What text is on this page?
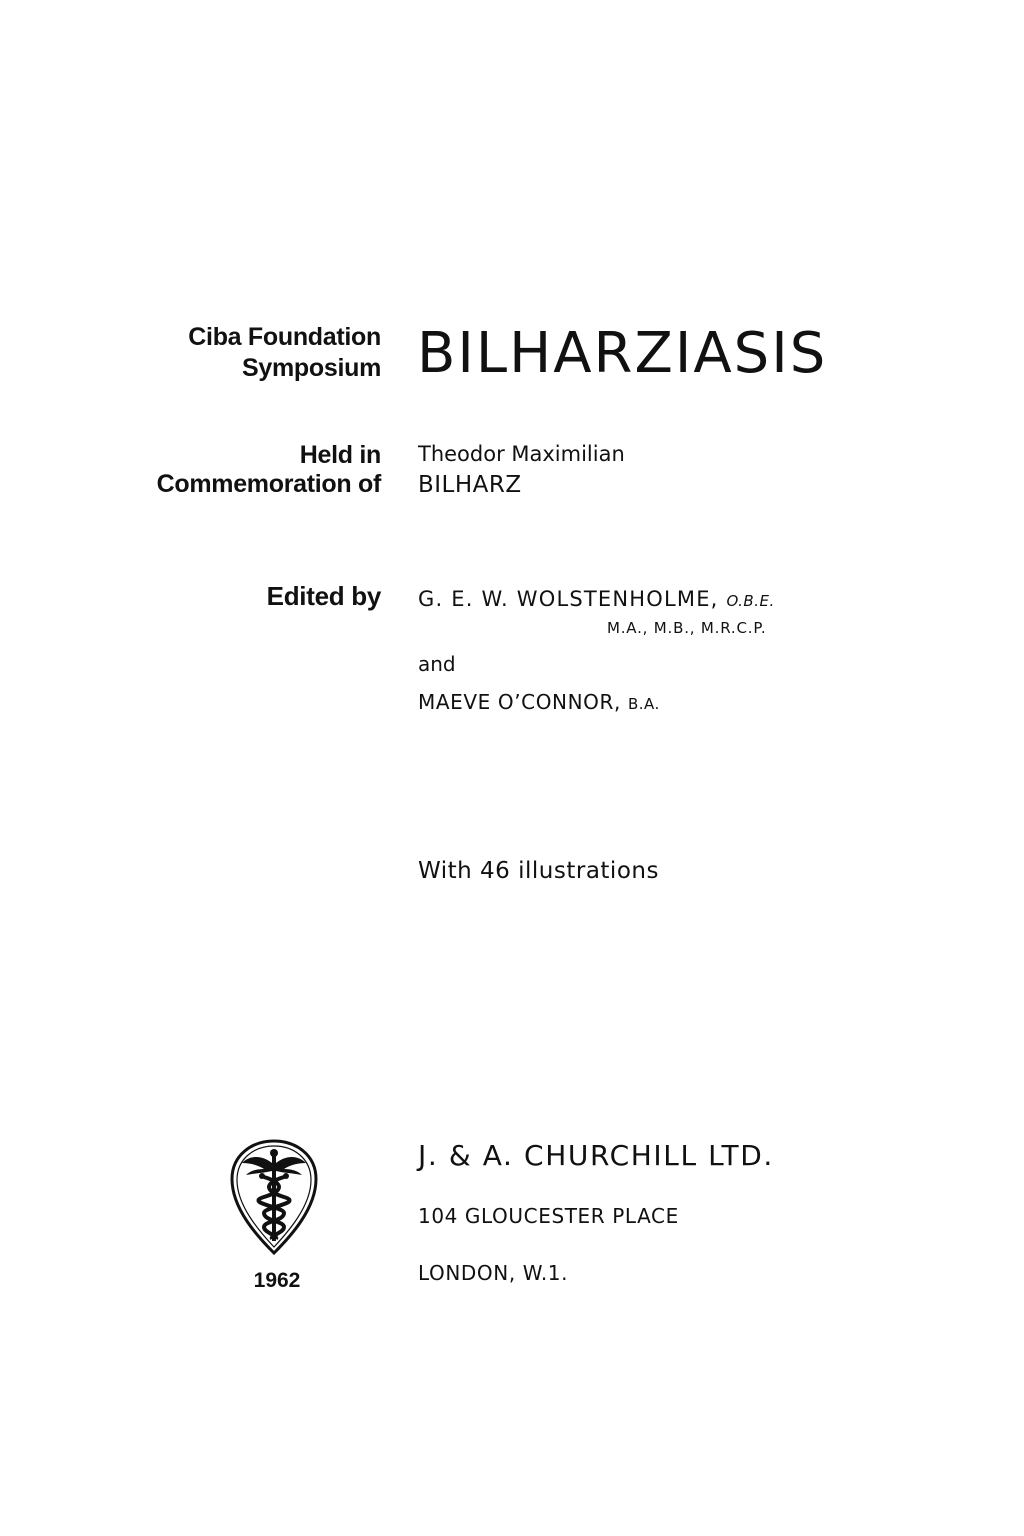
Ciba Foundation
Symposium BILHARZIASIS
Held in
Commemoration of
Theodor Maximilian
BILHARZ
Edited by G. E. W. WOLSTENHOLME, O.B.E.
M.A., M.B., M.R.C.P.
and
MAEVE O’CONNOR, B.A.
With 46 illustrations
1962
J. & A. CHURCHILL LTD.
104 GLOUCESTER PLACE
LONDON, W.1.
